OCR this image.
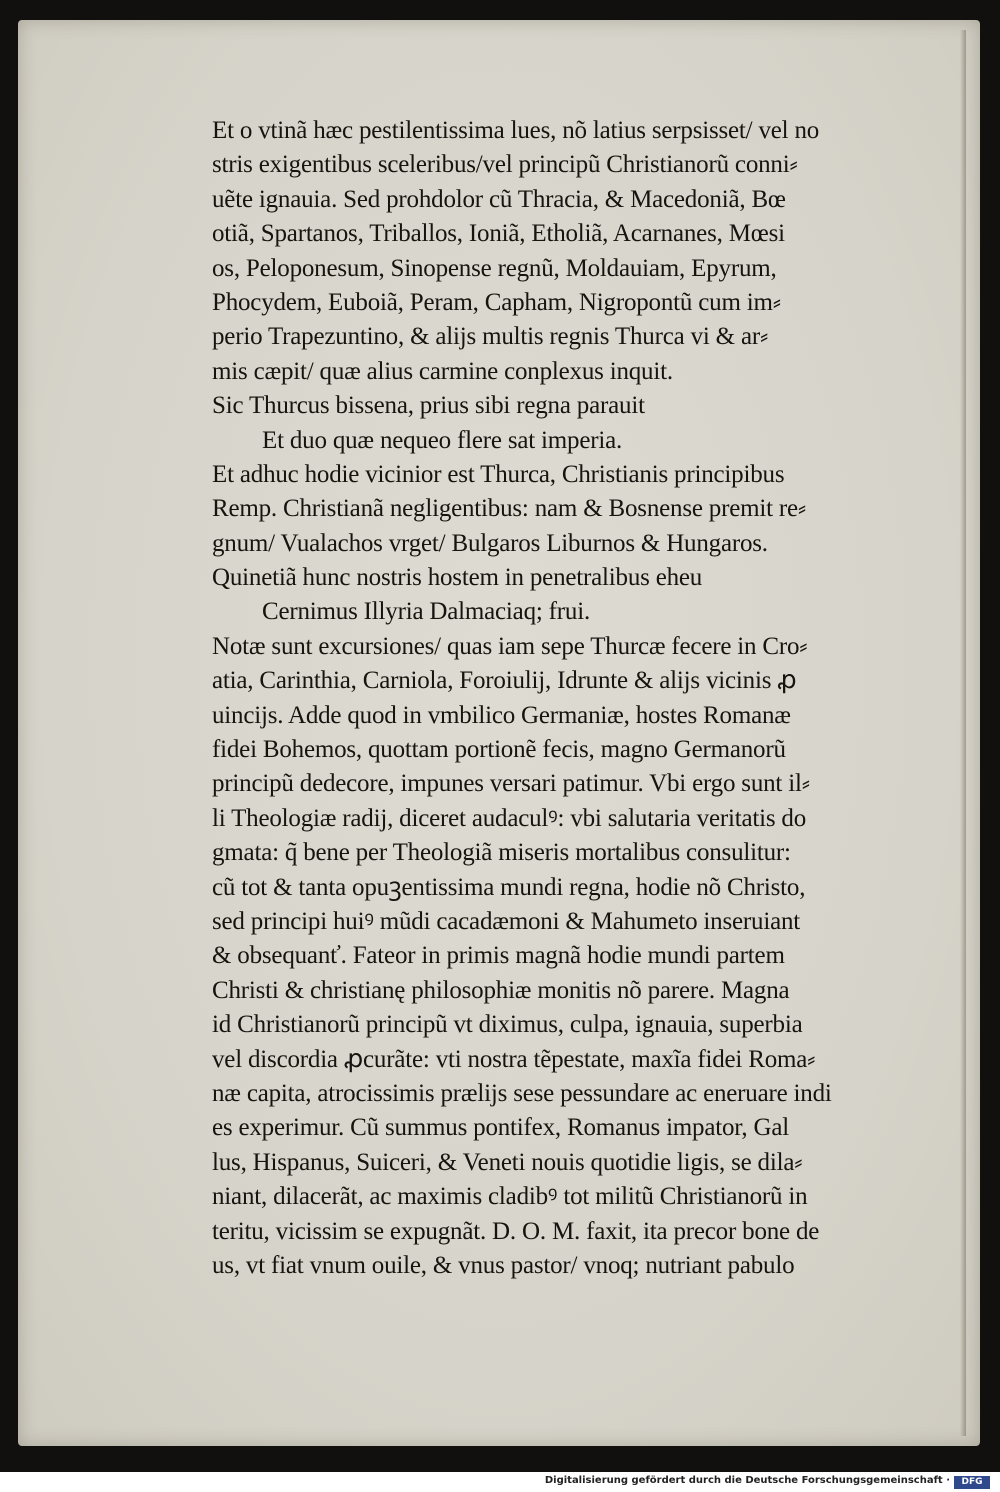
Et o vtinã hæc pestilentissima lues, nõ latius serpsisset/ vel no
stris exigentibus sceleribus/vel principũ Christianorũ conni⸗
uẽte ignauia. Sed prohdolor cũ Thracia, & Macedoniã, Bœ
otiã, Spartanos, Triballos, Ioniã, Etholiã, Acarnanes, Mœsi
os, Peloponesum, Sinopense regnũ, Moldauiam, Epyrum,
Phocydem, Euboiã, Peram, Capham, Nigropontũ cum im⸗
perio Trapezuntino, & alijs multis regnis Thurca vi & ar⸗
mis cæpit/ quæ alius carmine conplexus inquit.
Sic Thurcus bissena, prius sibi regna parauit
Et duo quæ nequeo flere sat imperia.
Et adhuc hodie vicinior est Thurca, Christianis principibus
Remp. Christianã negligentibus: nam & Bosnense premit re⸗
gnum/ Vualachos vrget/ Bulgaros Liburnos & Hungaros.
Quinetiã hunc nostris hostem in penetralibus eheu
Cernimus Illyria Dalmaciaq; frui.
Notæ sunt excursiones/ quas iam sepe Thurcæ fecere in Cro⸗
atia, Carinthia, Carniola, Foroiulij, Idrunte & alijs vicinis ꝓ
uincijs. Adde quod in vmbilico Germaniæ, hostes Romanæ
fidei Bohemos, quottam portionẽ fecis, magno Germanorũ
principũ dedecore, impunes versari patimur. Vbi ergo sunt il⸗
li Theologiæ radij, diceret audaculꝰ: vbi salutaria veritatis do
gmata: q̃ bene per Theologiã miseris mortalibus consulitur:
cũ tot & tanta opuꝫentissima mundi regna, hodie nõ Christo,
sed principi huiꝰ mũdi cacadæmoni & Mahumeto inseruiant
& obsequanť. Fateor in primis magnã hodie mundi partem
Christi & christianę philosophiæ monitis nõ parere. Magna
id Christianorũ principũ vt diximus, culpa, ignauia, superbia
vel discordia ꝓcurãte: vti nostra tẽpestate, maxĩa fidei Roma⸗
næ capita, atrocissimis prælijs sese pessundare ac eneruare indi
es experimur. Cũ summus pontifex, Romanus impator, Gal
lus, Hispanus, Suiceri, & Veneti nouis quotidie ligis, se dila⸗
niant, dilacerãt, ac maximis cladibꝰ tot militũ Christianorũ in
teritu, vicissim se expugnãt. D. O. M. faxit, ita precor bone de
us, vt fiat vnum ouile, & vnus pastor/ vnoq; nutriant pabulo
Digitalisierung gefördert durch die Deutsche Forschungsgemeinschaft ·	DFG
